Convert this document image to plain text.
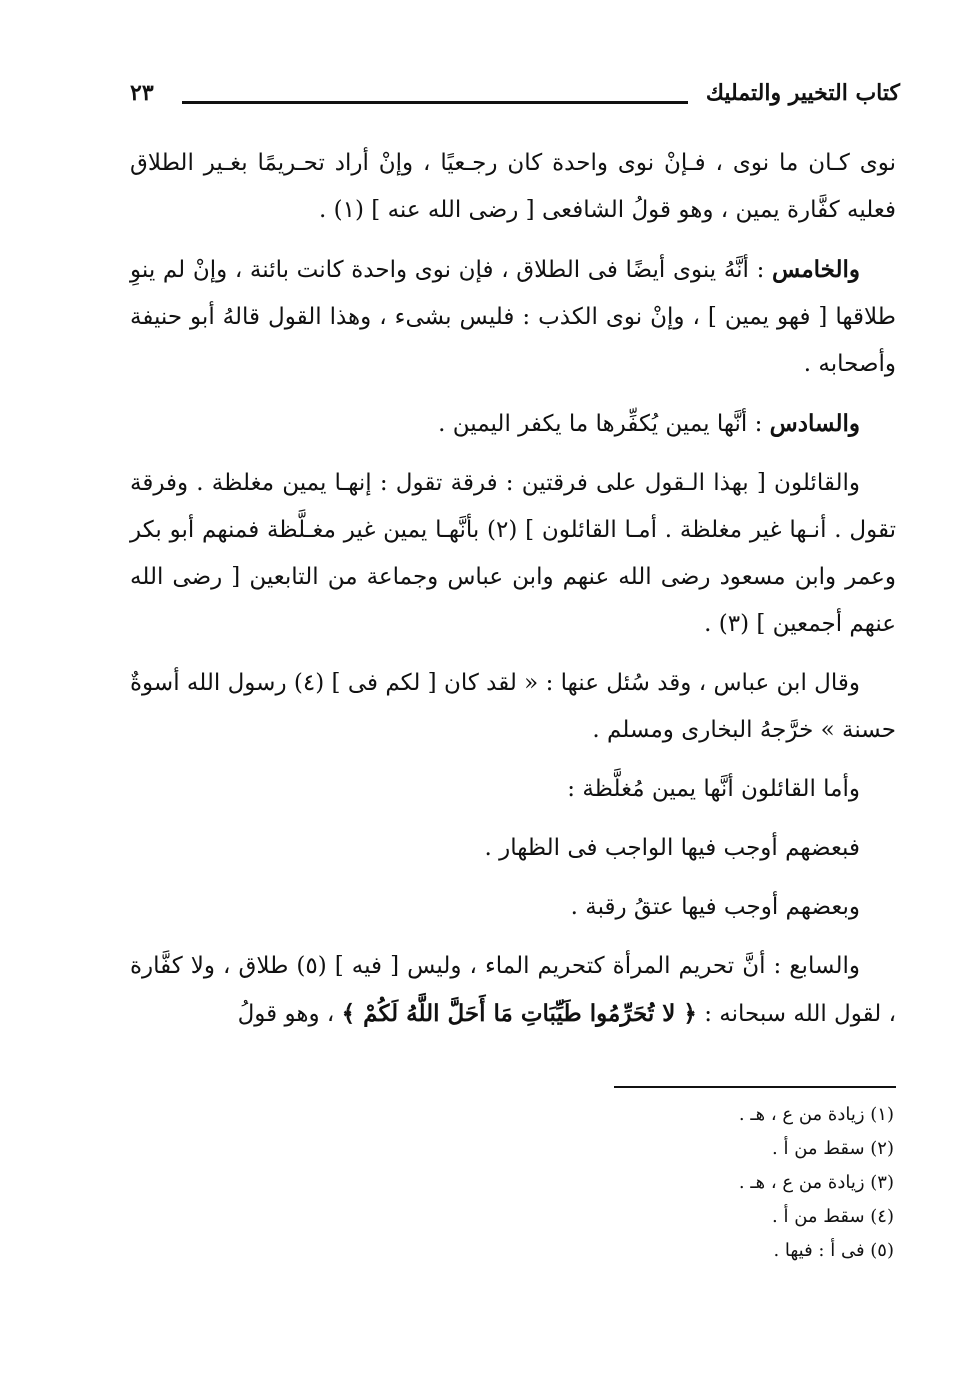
٢٣	كتاب التخيير والتمليك

نوى كـان ما نوى ، فـإنْ نوى واحدة كان رجـعيًا ، وإنْ أراد تحـريمًا بغـير الطلاق فعليه كفَّارة يمين ، وهو قولُ الشافعى [ رضى الله عنه ] (١) .

والخامس : أنَّهُ ينوى أيضًا فى الطلاق ، فإن نوى واحدة كانت بائنة ، وإنْ لم ينوِ طلاقها [ فهو يمين ] ، وإنْ نوى الكذب : فليس بشىء ، وهذا القول قالهُ أبو حنيفة وأصحابه .

والسادس : أنَّها يمين يُكفِّرها ما يكفر اليمين .

والقائلون [ بهذا الـقول على فرقتين : فرقة تقول : إنهـا يمين مغلظة . وفرقة تقول . أنـها غير مغلظة . أمـا القائلون ] (٢) بأنَّهـا يمين غير مغـلَّظة فمنهم أبو بكر وعمر وابن مسعود رضى الله عنهم وابن عباس وجماعة من التابعين [ رضى الله عنهم أجمعين ] (٣) .

وقال ابن عباس ، وقد سُئل عنها : « لقد كان [ لكم فى ] (٤) رسول الله أسوةٌ حسنة » خرَّجهُ البخارى ومسلم .

وأما القائلون أنَّها يمين مُغلَّظة :

فبعضهم أوجب فيها الواجب فى الظهار .

وبعضهم أوجب فيها عتقُ رقبة .

والسابع : أنَّ تحريم المرأة كتحريم الماء ، وليس [ فيه ] (٥) طلاق ، ولا كفَّارة ، لقول الله سبحانه : ﴿ لا تُحَرِّمُوا طَيِّبَاتِ مَا أَحَلَّ اللَّهُ لَكُمْ ﴾ ، وهو قولُ

(١) زيادة من ع ، هـ .

(٢) سقط من أ .

(٣) زيادة من ع ، هـ .

(٤) سقط من أ .

(٥) فى أ : فيها .
